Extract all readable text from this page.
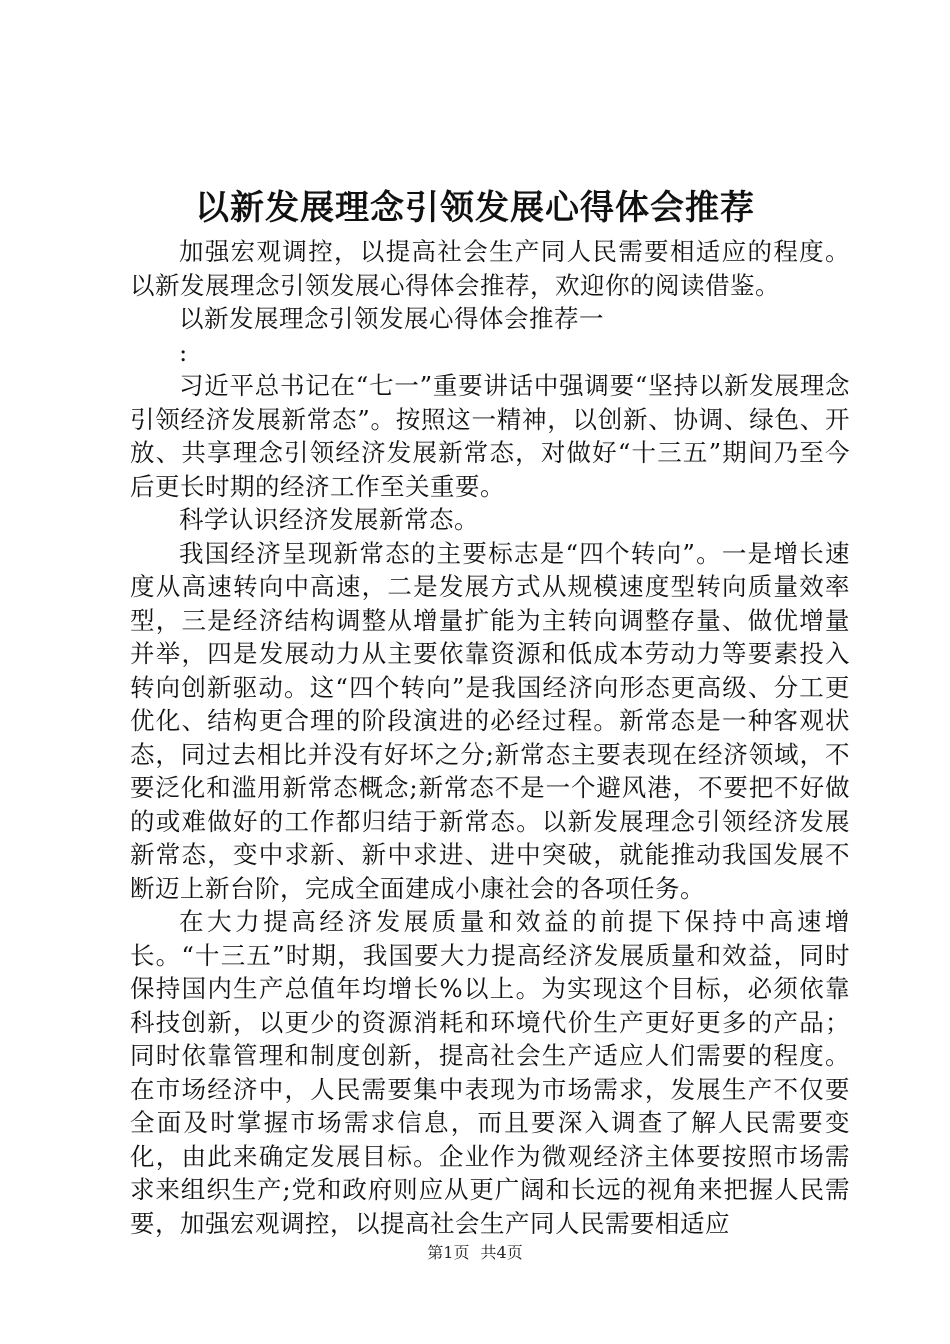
以新发展理念引领发展心得体会推荐

加强宏观调控，以提高社会生产同人民需要相适应的程度。以新发展理念引领发展心得体会推荐，欢迎你的阅读借鉴。

以新发展理念引领发展心得体会推荐一

:

习近平总书记在“七一”重要讲话中强调要“坚持以新发展理念引领经济发展新常态”。按照这一精神，以创新、协调、绿色、开放、共享理念引领经济发展新常态，对做好“十三五”期间乃至今后更长时期的经济工作至关重要。

科学认识经济发展新常态。

我国经济呈现新常态的主要标志是“四个转向”。一是增长速度从高速转向中高速，二是发展方式从规模速度型转向质量效率型，三是经济结构调整从增量扩能为主转向调整存量、做优增量并举，四是发展动力从主要依靠资源和低成本劳动力等要素投入转向创新驱动。这“四个转向”是我国经济向形态更高级、分工更优化、结构更合理的阶段演进的必经过程。新常态是一种客观状态，同过去相比并没有好坏之分;新常态主要表现在经济领域，不要泛化和滥用新常态概念;新常态不是一个避风港，不要把不好做的或难做好的工作都归结于新常态。以新发展理念引领经济发展新常态，变中求新、新中求进、进中突破，就能推动我国发展不断迈上新台阶，完成全面建成小康社会的各项任务。

在大力提高经济发展质量和效益的前提下保持中高速增长。“十三五”时期，我国要大力提高经济发展质量和效益，同时保持国内生产总值年均增长%以上。为实现这个目标，必须依靠科技创新，以更少的资源消耗和环境代价生产更好更多的产品；同时依靠管理和制度创新，提高社会生产适应人们需要的程度。在市场经济中，人民需要集中表现为市场需求，发展生产不仅要全面及时掌握市场需求信息，而且要深入调查了解人民需要变化，由此来确定发展目标。企业作为微观经济主体要按照市场需求来组织生产;党和政府则应从更广阔和长远的视角来把握人民需要，加强宏观调控，以提高社会生产同人民需要相适应

第1页 共4页
